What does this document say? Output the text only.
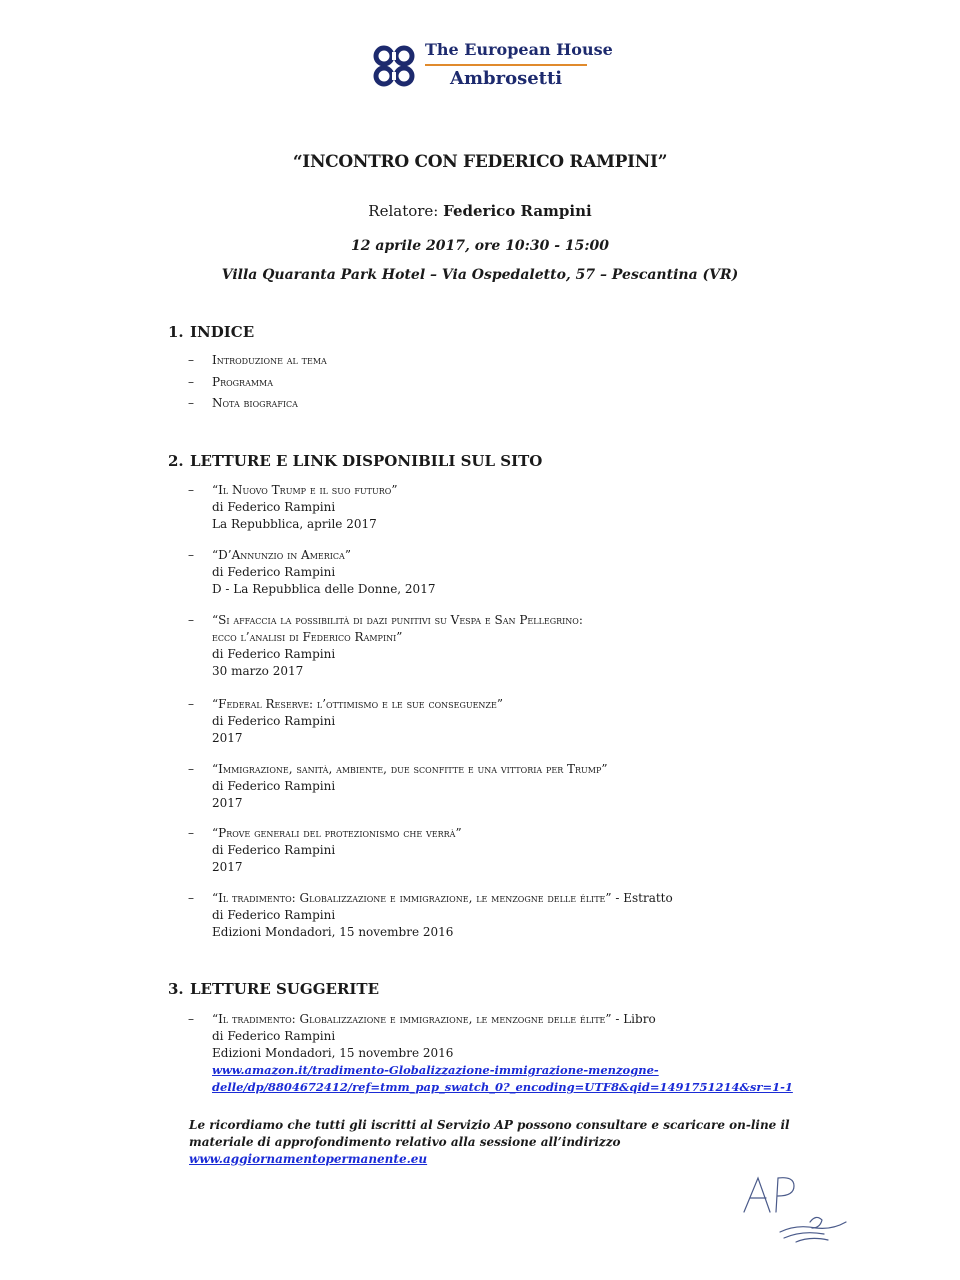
The European House
Ambrosetti
“INCONTRO CON FEDERICO RAMPINI”
Relatore: Federico Rampini
12 aprile 2017, ore 10:30 - 15:00
Villa Quaranta Park Hotel – Via Ospedaletto, 57 – Pescantina (VR)
1. INDICE
– Introduzione al tema
– Programma
– Nota biografica
2. LETTURE E LINK DISPONIBILI SUL SITO
– “Il Nuovo Trump e il suo futuro”
di Federico Rampini
La Repubblica, aprile 2017
– “D’Annunzio in America”
di Federico Rampini
D - La Repubblica delle Donne, 2017
– “Si affaccia la possibilità di dazi punitivi su Vespa e San Pellegrino:
ecco l’analisi di Federico Rampini”
di Federico Rampini
30 marzo 2017
– “Federal Reserve: l’ottimismo e le sue conseguenze”
di Federico Rampini
2017
– “Immigrazione, sanità, ambiente, due sconfitte e una vittoria per Trump”
di Federico Rampini
2017
– “Prove generali del protezionismo che verrà”
di Federico Rampini
2017
– “Il tradimento: Globalizzazione e immigrazione, le menzogne delle élite” - Estratto
di Federico Rampini
Edizioni Mondadori, 15 novembre 2016
3. LETTURE SUGGERITE
– “Il tradimento: Globalizzazione e immigrazione, le menzogne delle élite” - Libro
di Federico Rampini
Edizioni Mondadori, 15 novembre 2016
www.amazon.it/tradimento-Globalizzazione-immigrazione-menzogne-
delle/dp/8804672412/ref=tmm_pap_swatch_0?_encoding=UTF8&qid=1491751214&sr=1-1
Le ricordiamo che tutti gli iscritti al Servizio AP possono consultare e scaricare on-line il
materiale di approfondimento relativo alla sessione all’indirizzo
www.aggiornamentopermanente.eu
